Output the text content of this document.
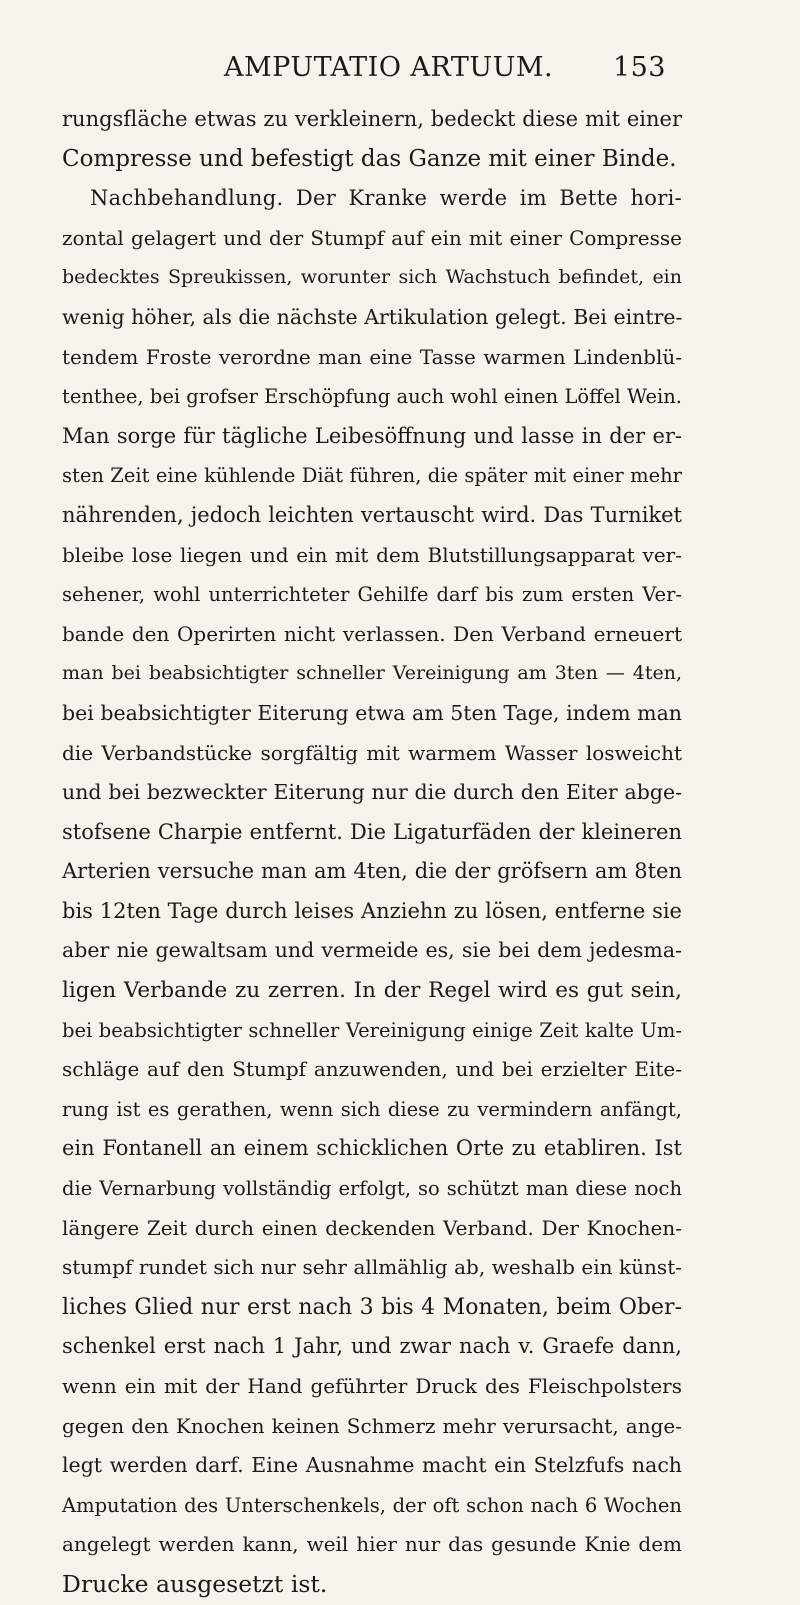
AMPUTATIO ARTUUM. 153
rungsfläche etwas zu verkleinern, bedeckt diese mit einer
Compresse und befestigt das Ganze mit einer Binde.
Nachbehandlung. Der Kranke werde im Bette hori-
zontal gelagert und der Stumpf auf ein mit einer Compresse
bedecktes Spreukissen, worunter sich Wachstuch befindet, ein
wenig höher, als die nächste Artikulation gelegt. Bei eintre-
tendem Froste verordne man eine Tasse warmen Lindenblü-
tenthee, bei grofser Erschöpfung auch wohl einen Löffel Wein.
Man sorge für tägliche Leibesöffnung und lasse in der er-
sten Zeit eine kühlende Diät führen, die später mit einer mehr
nährenden, jedoch leichten vertauscht wird. Das Turniket
bleibe lose liegen und ein mit dem Blutstillungsapparat ver-
sehener, wohl unterrichteter Gehilfe darf bis zum ersten Ver-
bande den Operirten nicht verlassen. Den Verband erneuert
man bei beabsichtigter schneller Vereinigung am 3ten — 4ten,
bei beabsichtigter Eiterung etwa am 5ten Tage, indem man
die Verbandstücke sorgfältig mit warmem Wasser losweicht
und bei bezweckter Eiterung nur die durch den Eiter abge-
stofsene Charpie entfernt. Die Ligaturfäden der kleineren
Arterien versuche man am 4ten, die der gröfsern am 8ten
bis 12ten Tage durch leises Anziehn zu lösen, entferne sie
aber nie gewaltsam und vermeide es, sie bei dem jedesma-
ligen Verbande zu zerren. In der Regel wird es gut sein,
bei beabsichtigter schneller Vereinigung einige Zeit kalte Um-
schläge auf den Stumpf anzuwenden, und bei erzielter Eite-
rung ist es gerathen, wenn sich diese zu vermindern anfängt,
ein Fontanell an einem schicklichen Orte zu etabliren. Ist
die Vernarbung vollständig erfolgt, so schützt man diese noch
längere Zeit durch einen deckenden Verband. Der Knochen-
stumpf rundet sich nur sehr allmählig ab, weshalb ein künst-
liches Glied nur erst nach 3 bis 4 Monaten, beim Ober-
schenkel erst nach 1 Jahr, und zwar nach v. Graefe dann,
wenn ein mit der Hand geführter Druck des Fleischpolsters
gegen den Knochen keinen Schmerz mehr verursacht, ange-
legt werden darf. Eine Ausnahme macht ein Stelzfufs nach
Amputation des Unterschenkels, der oft schon nach 6 Wochen
angelegt werden kann, weil hier nur das gesunde Knie dem
Drucke ausgesetzt ist.
